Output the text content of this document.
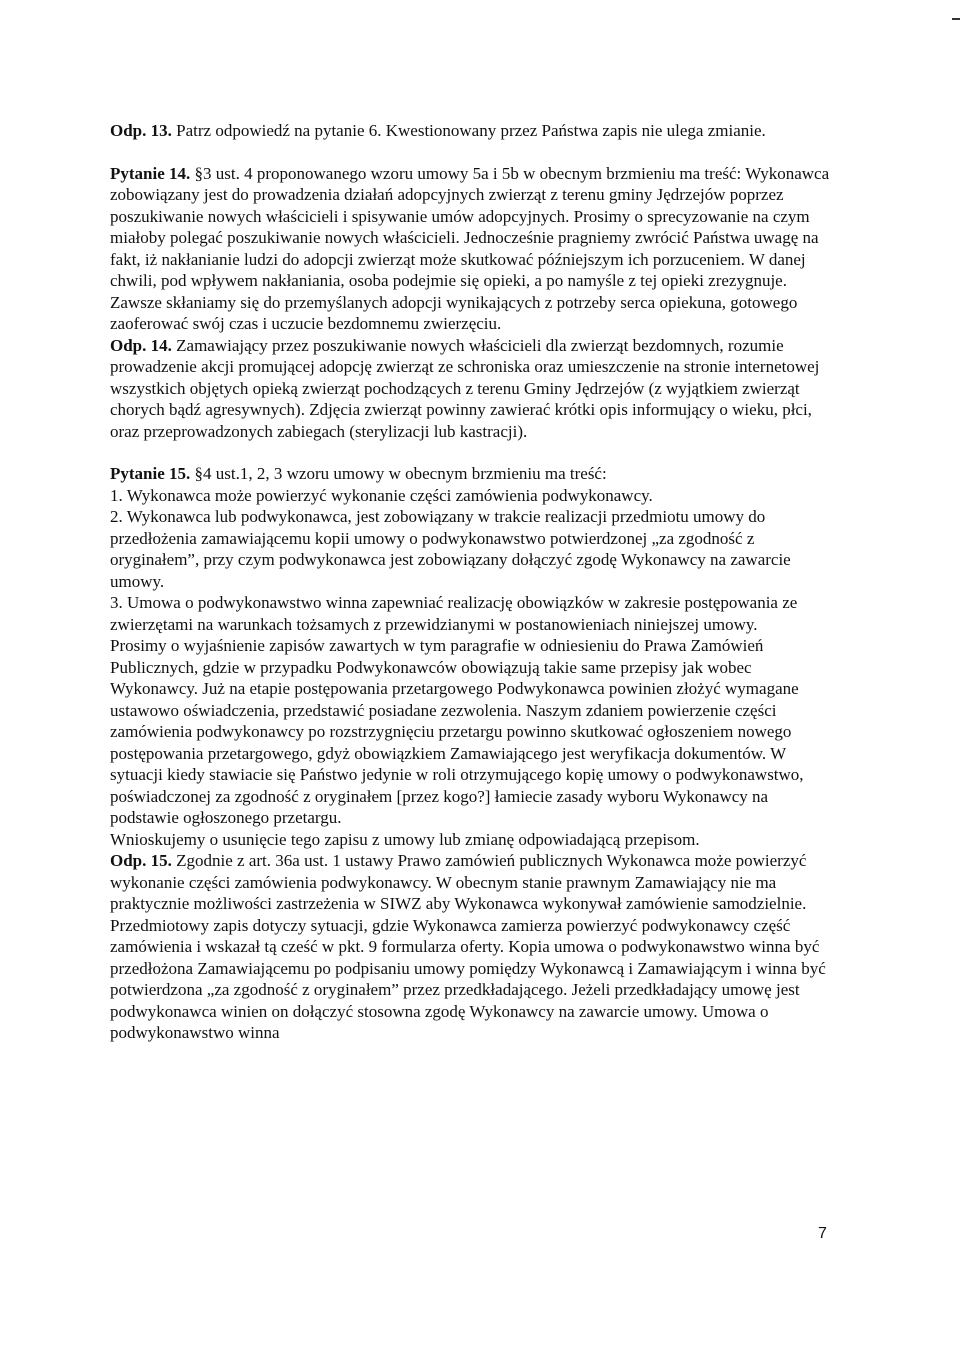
Odp. 13. Patrz odpowiedź na pytanie 6. Kwestionowany przez Państwa zapis nie ulega zmianie.

Pytanie 14. §3 ust. 4 proponowanego wzoru umowy 5a i 5b w obecnym brzmieniu ma treść: Wykonawca zobowiązany jest do prowadzenia działań adopcyjnych zwierząt z terenu gminy Jędrzejów poprzez poszukiwanie nowych właścicieli i spisywanie umów adopcyjnych. Prosimy o sprecyzowanie na czym miałoby polegać poszukiwanie nowych właścicieli. Jednocześnie pragniemy zwrócić Państwa uwagę na fakt, iż nakłanianie ludzi do adopcji zwierząt może skutkować późniejszym ich porzuceniem. W danej chwili, pod wpływem nakłaniania, osoba podejmie się opieki, a po namyśle z tej opieki zrezygnuje. Zawsze skłaniamy się do przemyślanych adopcji wynikających z potrzeby serca opiekuna, gotowego zaoferować swój czas i uczucie bezdomnemu zwierzęciu.

Odp. 14. Zamawiający przez poszukiwanie nowych właścicieli dla zwierząt bezdomnych, rozumie prowadzenie akcji promującej adopcję zwierząt ze schroniska oraz umieszczenie na stronie internetowej wszystkich objętych opieką zwierząt pochodzących z terenu Gminy Jędrzejów (z wyjątkiem zwierząt chorych bądź agresywnych). Zdjęcia zwierząt powinny zawierać krótki opis informujący o wieku, płci, oraz przeprowadzonych zabiegach (sterylizacji lub kastracji).

Pytanie 15. §4 ust.1, 2, 3 wzoru umowy w obecnym brzmieniu ma treść:

1. Wykonawca może powierzyć wykonanie części zamówienia podwykonawcy.

2. Wykonawca lub podwykonawca, jest zobowiązany w trakcie realizacji przedmiotu umowy do przedłożenia zamawiającemu kopii umowy o podwykonawstwo potwierdzonej „za zgodność z oryginałem”, przy czym podwykonawca jest zobowiązany dołączyć zgodę Wykonawcy na zawarcie umowy.

3. Umowa o podwykonawstwo winna zapewniać realizację obowiązków w zakresie postępowania ze zwierzętami na warunkach tożsamych z przewidzianymi w postanowieniach niniejszej umowy.

Prosimy o wyjaśnienie zapisów zawartych w tym paragrafie w odniesieniu do Prawa Zamówień Publicznych, gdzie w przypadku Podwykonawców obowiązują takie same przepisy jak wobec Wykonawcy. Już na etapie postępowania przetargowego Podwykonawca powinien złożyć wymagane ustawowo oświadczenia, przedstawić posiadane zezwolenia. Naszym zdaniem powierzenie części zamówienia podwykonawcy po rozstrzygnięciu przetargu powinno skutkować ogłoszeniem nowego postępowania przetargowego, gdyż obowiązkiem Zamawiającego jest weryfikacja dokumentów. W sytuacji kiedy stawiacie się Państwo jedynie w roli otrzymującego kopię umowy o podwykonawstwo, poświadczonej za zgodność z oryginałem [przez kogo?] łamiecie zasady wyboru Wykonawcy na podstawie ogłoszonego przetargu.

Wnioskujemy o usunięcie tego zapisu z umowy lub zmianę odpowiadającą przepisom.

Odp. 15. Zgodnie z art. 36a ust. 1 ustawy Prawo zamówień publicznych Wykonawca może powierzyć wykonanie części zamówienia podwykonawcy. W obecnym stanie prawnym Zamawiający nie ma praktycznie możliwości zastrzeżenia w SIWZ aby Wykonawca wykonywał zamówienie samodzielnie.

Przedmiotowy zapis dotyczy sytuacji, gdzie Wykonawca zamierza powierzyć podwykonawcy część zamówienia i wskazał tą cześć w pkt. 9 formularza oferty. Kopia umowa o podwykonawstwo winna być przedłożona Zamawiającemu po podpisaniu umowy pomiędzy Wykonawcą i Zamawiającym i winna być potwierdzona „za zgodność z oryginałem” przez przedkładającego. Jeżeli przedkładający umowę jest podwykonawca winien on dołączyć stosowna zgodę Wykonawcy na zawarcie umowy. Umowa o podwykonawstwo winna

7
